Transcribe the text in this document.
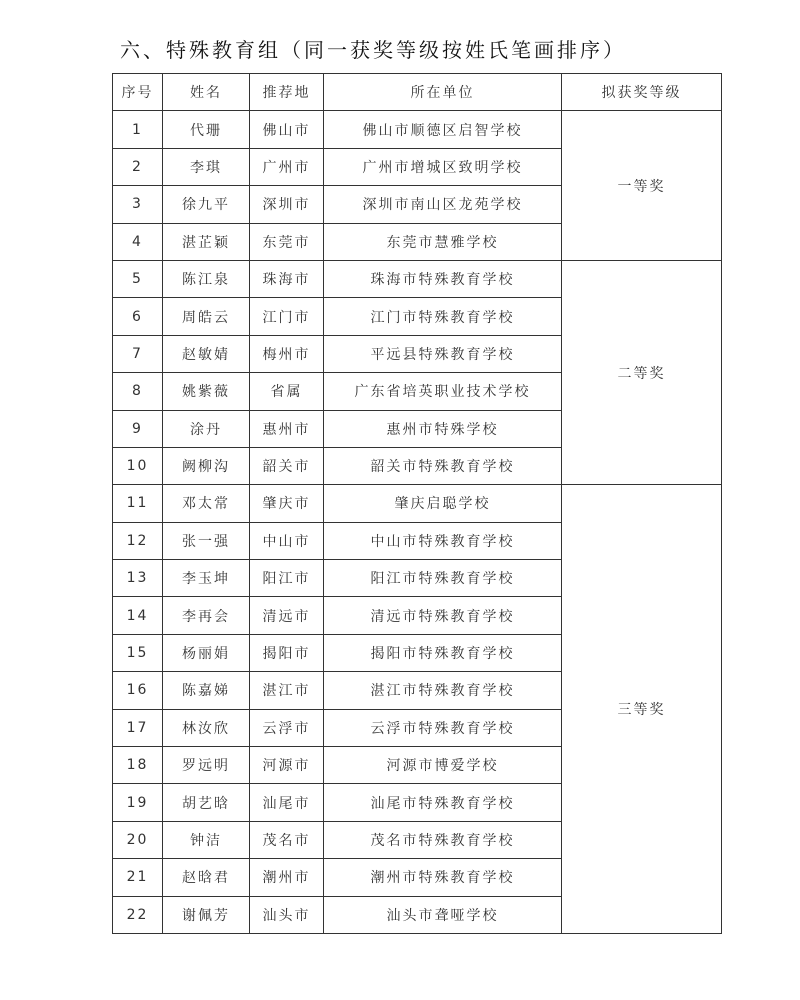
六、特殊教育组（同一获奖等级按姓氏笔画排序）
序号	姓名	推荐地	所在单位	拟获奖等级
1	代珊	佛山市	佛山市顺德区启智学校	一等奖
2	李琪	广州市	广州市增城区致明学校	
3	徐九平	深圳市	深圳市南山区龙苑学校	
4	湛芷颖	东莞市	东莞市慧雅学校	
5	陈江泉	珠海市	珠海市特殊教育学校	二等奖
6	周皓云	江门市	江门市特殊教育学校	
7	赵敏婧	梅州市	平远县特殊教育学校	
8	姚紫薇	省属	广东省培英职业技术学校	
9	涂丹	惠州市	惠州市特殊学校	
10	阙柳沟	韶关市	韶关市特殊教育学校	
11	邓太常	肇庆市	肇庆启聪学校	三等奖
12	张一强	中山市	中山市特殊教育学校	
13	李玉坤	阳江市	阳江市特殊教育学校	
14	李再会	清远市	清远市特殊教育学校	
15	杨丽娟	揭阳市	揭阳市特殊教育学校	
16	陈嘉娣	湛江市	湛江市特殊教育学校	
17	林汝欣	云浮市	云浮市特殊教育学校	
18	罗远明	河源市	河源市博爱学校	
19	胡艺晗	汕尾市	汕尾市特殊教育学校	
20	钟洁	茂名市	茂名市特殊教育学校	
21	赵晗君	潮州市	潮州市特殊教育学校	
22	谢佩芳	汕头市	汕头市聋哑学校	
